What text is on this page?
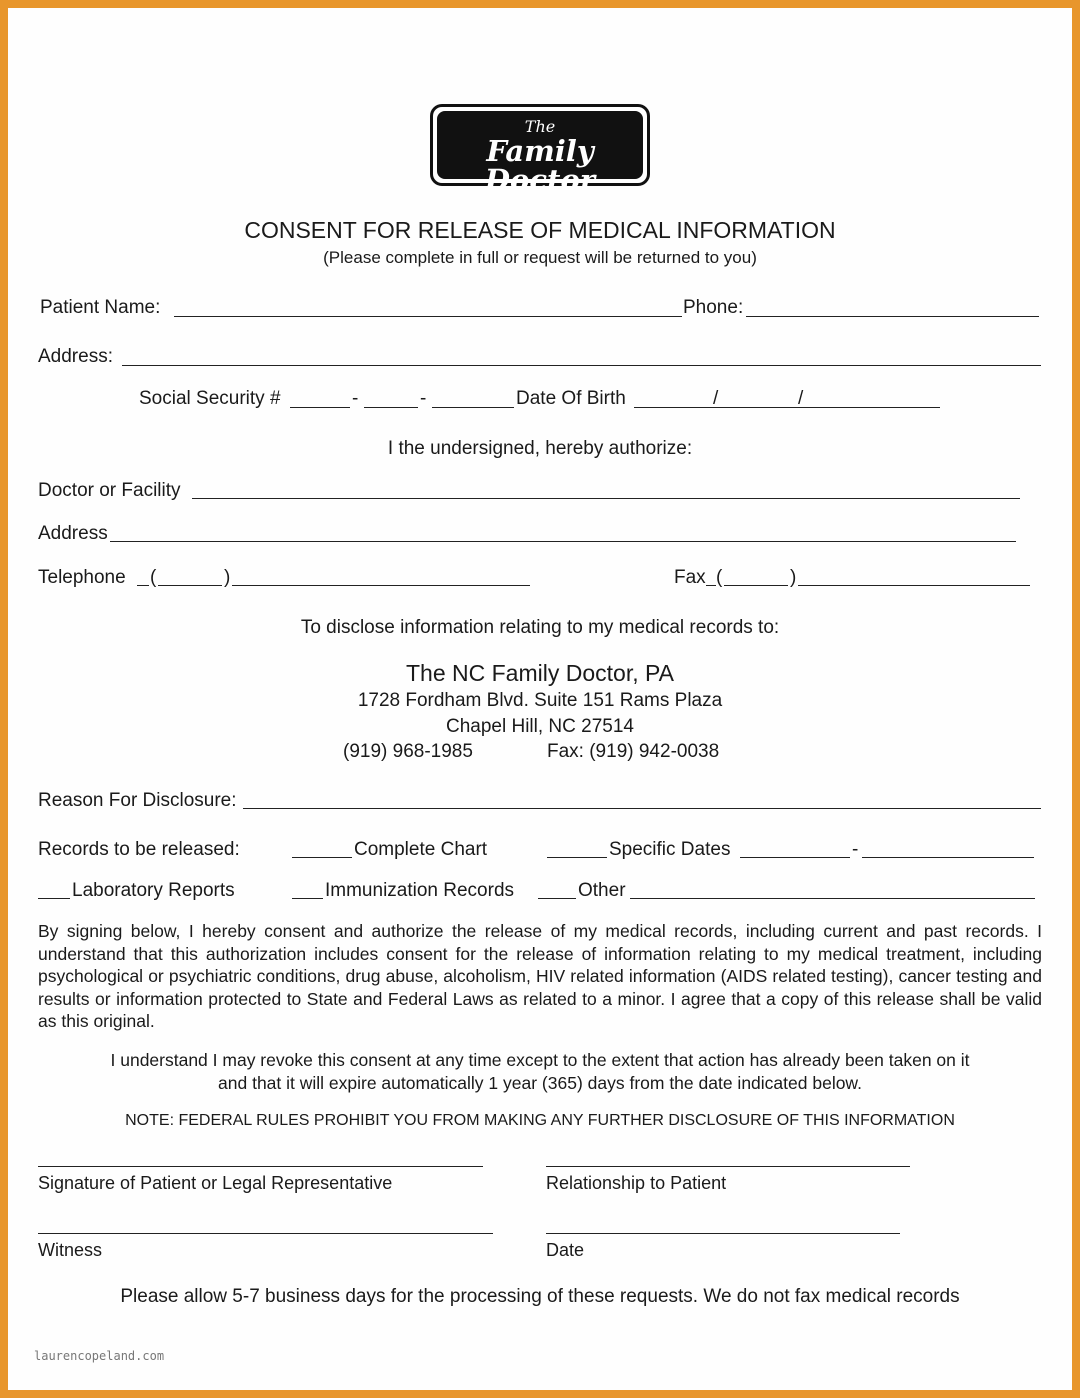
The
Family Doctor
CONSENT FOR RELEASE OF MEDICAL INFORMATION
(Please complete in full or request will be returned to you)
Patient Name:	Phone:
Address:
Social Security #	-	-	Date Of Birth	/	/
I the undersigned, hereby authorize:
Doctor or Facility
Address
Telephone (	)	Fax (	)
To disclose information relating to my medical records to:
The NC Family Doctor, PA
1728 Fordham Blvd. Suite 151 Rams Plaza
Chapel Hill, NC 27514
(919) 968-1985	Fax: (919) 942-0038
Reason For Disclosure:
Records to be released:	Complete Chart	Specific Dates	-
Laboratory Reports	Immunization Records	Other
By signing below, I hereby consent and authorize the release of my medical records, including current and past records. I understand that this authorization includes consent for the release of information relating to my medical treatment, including psychological or psychiatric conditions, drug abuse, alcoholism, HIV related information (AIDS related testing), cancer testing and results or information protected to State and Federal Laws as related to a minor. I agree that a copy of this release shall be valid as this original.
I understand I may revoke this consent at any time except to the extent that action has already been taken on it and that it will expire automatically 1 year (365) days from the date indicated below.
NOTE: FEDERAL RULES PROHIBIT YOU FROM MAKING ANY FURTHER DISCLOSURE OF THIS INFORMATION
Signature of Patient or Legal Representative	Relationship to Patient
Witness	Date
Please allow 5-7 business days for the processing of these requests. We do not fax medical records
laurencopeland.com
